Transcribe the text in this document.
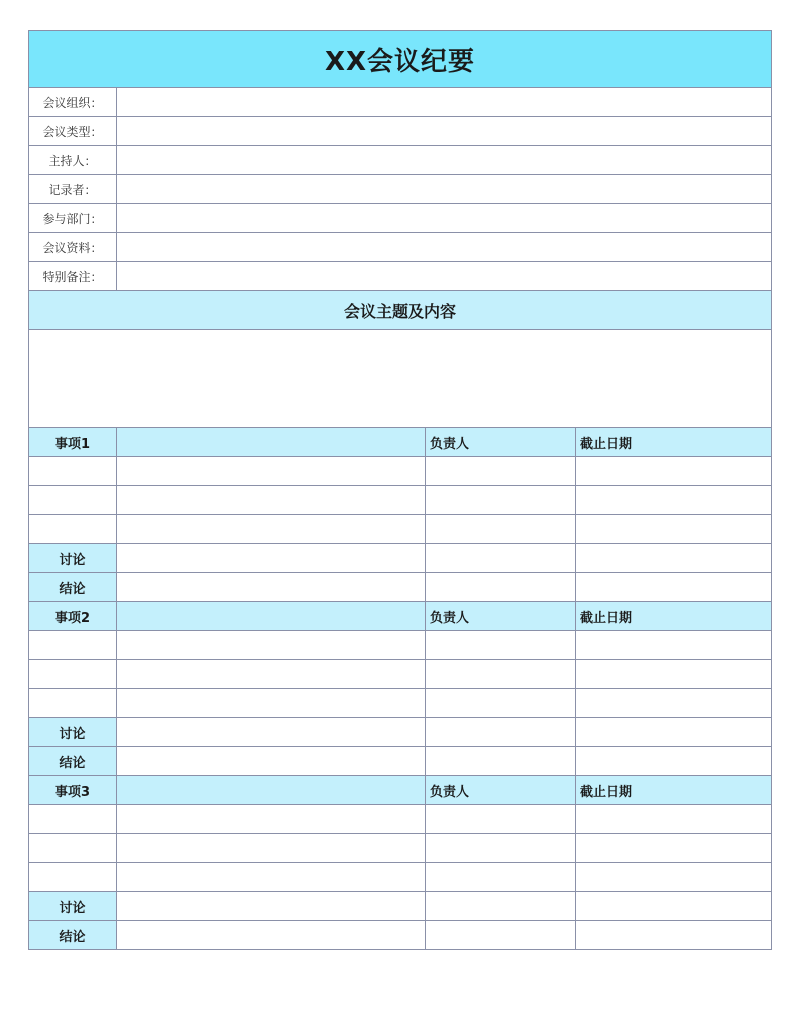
XX会议纪要			
会议组织：			
会议类型：			
主持人：			
记录者：			
参与部门：			
会议资料：			
特别备注：			
会议主题及内容			

事项1		负责人	截止日期

讨论			
结论			
事项2		负责人	截止日期

讨论			
结论			
事项3		负责人	截止日期

讨论			
结论			
